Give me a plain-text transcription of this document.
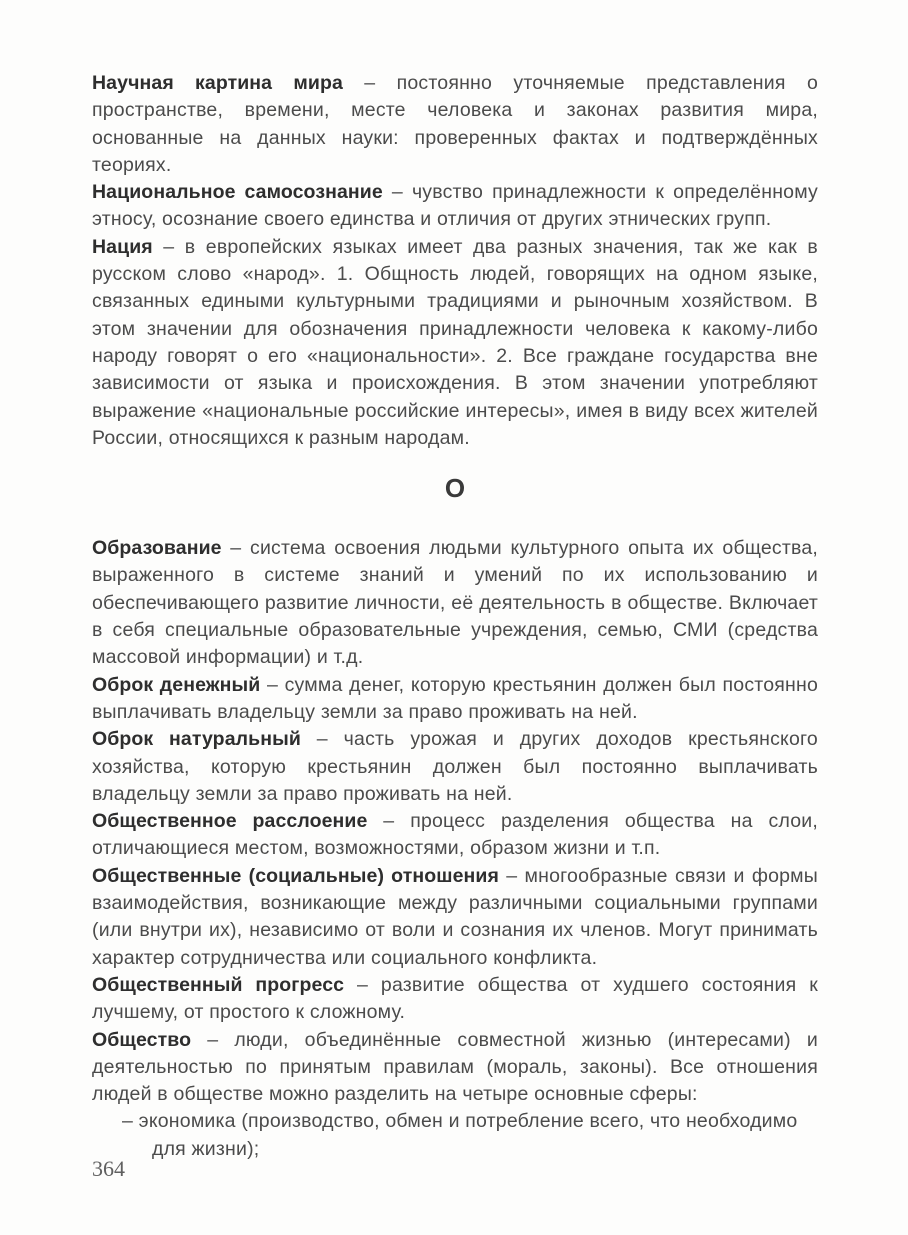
Научная картина мира – постоянно уточняемые представления о пространстве, времени, месте человека и законах развития мира, основанные на данных науки: проверенных фактах и подтверждённых теориях.

Национальное самосознание – чувство принадлежности к определённому этносу, осознание своего единства и отличия от других этнических групп.

Нация – в европейских языках имеет два разных значения, так же как в русском слово «народ». 1. Общность людей, говорящих на одном языке, связанных едиными культурными традициями и рыночным хозяйством. В этом значении для обозначения принадлежности человека к какому-либо народу говорят о его «национальности». 2. Все граждане государства вне зависимости от языка и происхождения. В этом значении употребляют выражение «национальные российские интересы», имея в виду всех жителей России, относящихся к разным народам.

О

Образование – система освоения людьми культурного опыта их общества, выраженного в системе знаний и умений по их использованию и обеспечивающего развитие личности, её деятельность в обществе. Включает в себя специальные образовательные учреждения, семью, СМИ (средства массовой информации) и т.д.

Оброк денежный – сумма денег, которую крестьянин должен был постоянно выплачивать владельцу земли за право проживать на ней.

Оброк натуральный – часть урожая и других доходов крестьянского хозяйства, которую крестьянин должен был постоянно выплачивать владельцу земли за право проживать на ней.

Общественное расслоение – процесс разделения общества на слои, отличающиеся местом, возможностями, образом жизни и т.п.

Общественные (социальные) отношения – многообразные связи и формы взаимодействия, возникающие между различными социальными группами (или внутри их), независимо от воли и сознания их членов. Могут принимать характер сотрудничества или социального конфликта.

Общественный прогресс – развитие общества от худшего состояния к лучшему, от простого к сложному.

Общество – люди, объединённые совместной жизнью (интересами) и деятельностью по принятым правилам (мораль, законы). Все отношения людей в обществе можно разделить на четыре основные сферы:

– экономика (производство, обмен и потребление всего, что необходимо для жизни);

364
